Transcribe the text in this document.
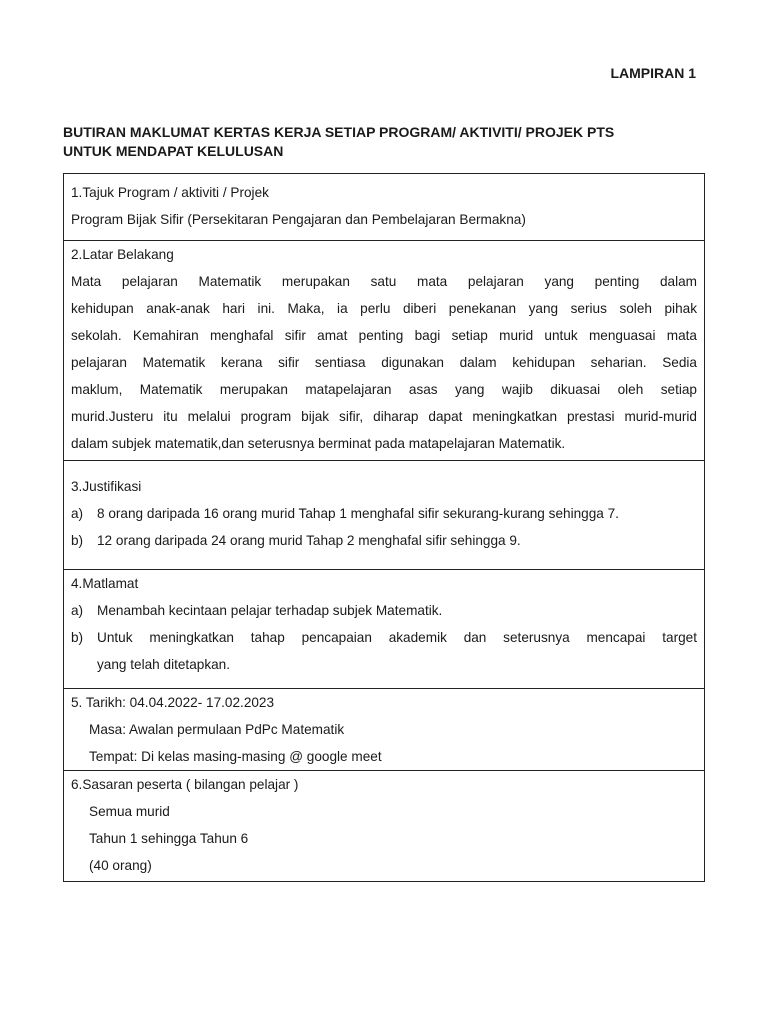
LAMPIRAN 1
BUTIRAN MAKLUMAT KERTAS KERJA SETIAP PROGRAM/ AKTIVITI/ PROJEK PTS
UNTUK MENDAPAT KELULUSAN
1.Tajuk Program / aktiviti / Projek
Program Bijak Sifir (Persekitaran Pengajaran dan Pembelajaran Bermakna)

2.Latar Belakang
Mata pelajaran Matematik merupakan satu mata pelajaran yang penting dalam
kehidupan anak-anak hari ini. Maka, ia perlu diberi penekanan yang serius soleh pihak
sekolah. Kemahiran menghafal sifir amat penting bagi setiap murid untuk menguasai mata
pelajaran Matematik kerana sifir sentiasa digunakan dalam kehidupan seharian. Sedia
maklum, Matematik merupakan matapelajaran asas yang wajib dikuasai oleh setiap
murid.Justeru itu melalui program bijak sifir, diharap dapat meningkatkan prestasi murid-murid
dalam subjek matematik,dan seterusnya berminat pada matapelajaran Matematik.

3.Justifikasi
a)	8 orang daripada 16 orang murid Tahap 1 menghafal sifir sekurang-kurang sehingga 7.
b)	12 orang daripada 24 orang murid Tahap 2 menghafal sifir sehingga 9.

4.Matlamat
a)	Menambah kecintaan pelajar terhadap subjek Matematik.
b)	Untuk meningkatkan tahap pencapaian akademik dan seterusnya mencapai target
yang telah ditetapkan.

5. Tarikh: 04.04.2022- 17.02.2023
Masa: Awalan permulaan PdPc Matematik
Tempat: Di kelas masing-masing @ google meet

6.Sasaran peserta ( bilangan pelajar )
Semua murid
Tahun 1 sehingga Tahun 6
(40 orang)
